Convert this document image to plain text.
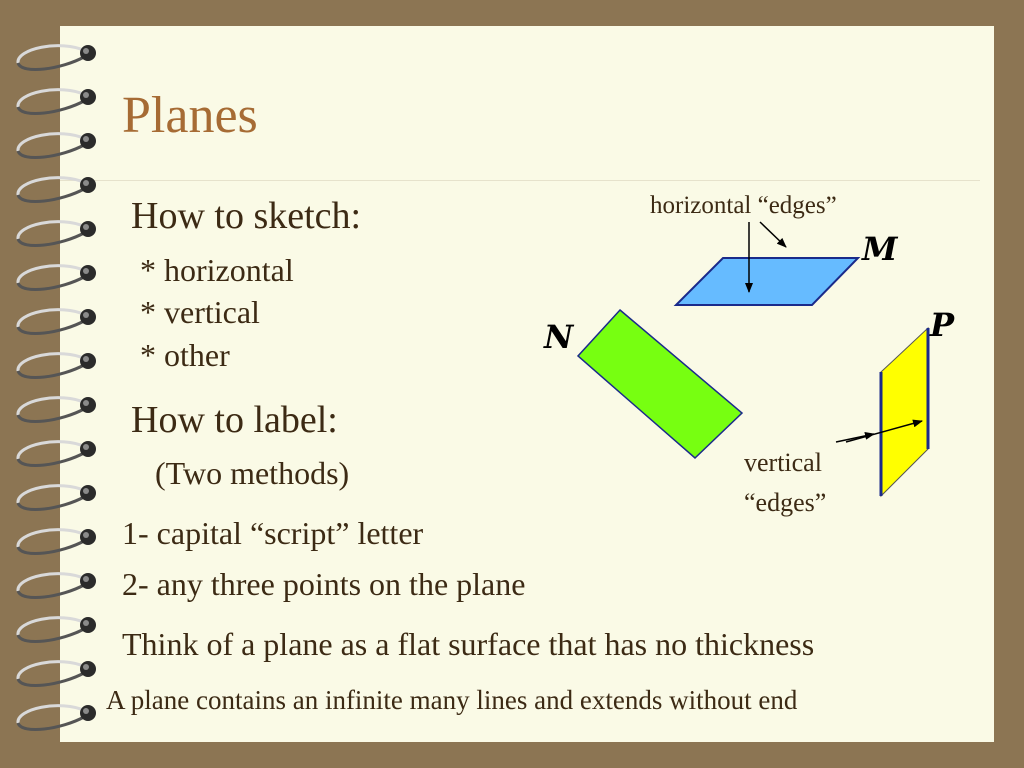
Planes
How to sketch:
* horizontal
* vertical
* other
How to label:
(Two methods)
1- capital “script” letter
2- any three points on the plane
Think of a plane as a flat surface that has no thickness
A plane contains an infinite many lines and extends without end
horizontal “edges”
vertical
“edges”
M
N	P
